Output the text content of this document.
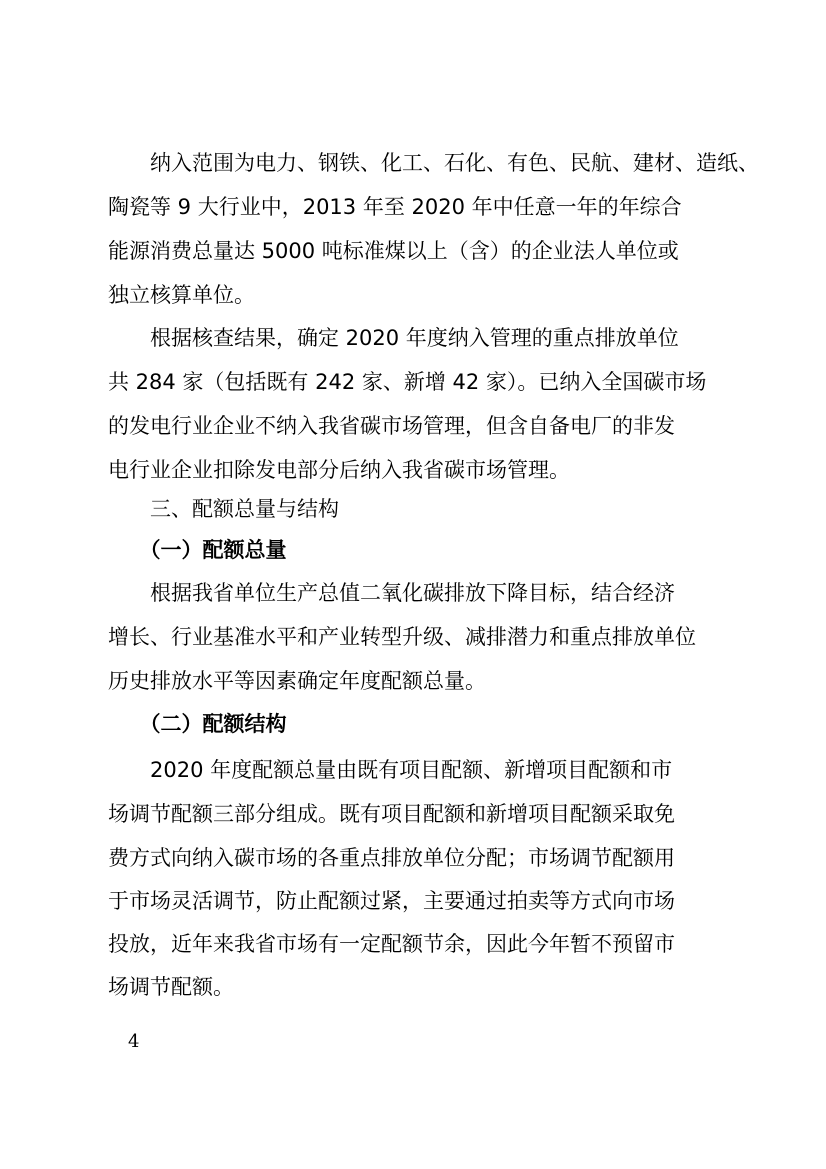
　　纳入范围为电力、钢铁、化工、石化、有色、民航、建材、造纸、
陶瓷等 9 大行业中，2013 年至 2020 年中任意一年的年综合
能源消费总量达 5000 吨标准煤以上（含）的企业法人单位或
独立核算单位。
　　根据核查结果，确定 2020 年度纳入管理的重点排放单位
共 284 家（包括既有 242 家、新增 42 家）。已纳入全国碳市场
的发电行业企业不纳入我省碳市场管理，但含自备电厂的非发
电行业企业扣除发电部分后纳入我省碳市场管理。
　　三、配额总量与结构
　　（一）配额总量
　　根据我省单位生产总值二氧化碳排放下降目标，结合经济
增长、行业基准水平和产业转型升级、减排潜力和重点排放单位
历史排放水平等因素确定年度配额总量。
　　（二）配额结构
　　2020 年度配额总量由既有项目配额、新增项目配额和市
场调节配额三部分组成。既有项目配额和新增项目配额采取免
费方式向纳入碳市场的各重点排放单位分配；市场调节配额用
于市场灵活调节，防止配额过紧，主要通过拍卖等方式向市场
投放，近年来我省市场有一定配额节余，因此今年暂不预留市
场调节配额。
4
